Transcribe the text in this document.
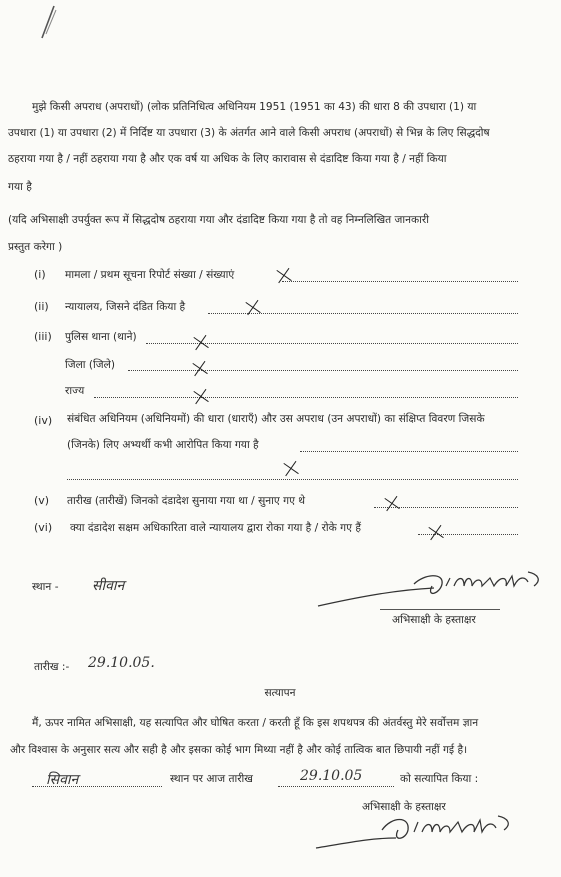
मुझे किसी अपराध (अपराधों) (लोक प्रतिनिधित्व अधिनियम 1951 (1951 का 43) की धारा 8 की उपधारा (1) या
उपधारा (1) या उपधारा (2) में निर्दिष्ट या उपधारा (3) के अंतर्गत आने वाले किसी अपराध (अपराधों) से भिन्न के लिए सिद्धदोष
ठहराया गया है / नहीं ठहराया गया है और एक वर्ष या अधिक के लिए कारावास से दंडादिष्ट किया गया है / नहीं किया
गया है
(यदि अभिसाक्षी उपर्युक्त रूप में सिद्धदोष ठहराया गया और दंडादिष्ट किया गया है तो वह निम्नलिखित जानकारी
प्रस्तुत करेगा )
(i) मामला / प्रथम सूचना रिपोर्ट संख्या / संख्याएं
(ii) न्यायालय, जिसने दंडित किया है
(iii) पुलिस थाना (थाने)
जिला (जिले)
राज्य
(iv) संबंधित अधिनियम (अधिनियमों) की धारा (धाराएँ) और उस अपराध (उन अपराधों) का संक्षिप्त विवरण जिसके
(जिनके) लिए अभ्यर्थी कभी आरोपित किया गया है
(v) तारीख (तारीखें) जिनको दंडादेश सुनाया गया था / सुनाए गए थे
(vi) क्या दंडादेश सक्षम अधिकारिता वाले न्यायालय द्वारा रोका गया है / रोके गए हैं
स्थान - सीवान
अभिसाक्षी के हस्ताक्षर
तारीख :- 29.10.05.
सत्यापन
मैं, ऊपर नामित अभिसाक्षी, यह सत्यापित और घोषित करता / करती हूँ कि इस शपथपत्र की अंतर्वस्तु मेरे सर्वोत्तम ज्ञान
और विश्वास के अनुसार सत्य और सही है और इसका कोई भाग मिथ्या नहीं है और कोई तात्विक बात छिपायी नहीं गई है।
सिवान	स्थान पर आज तारीख	29.10.05	को सत्यापित किया :
अभिसाक्षी के हस्ताक्षर
